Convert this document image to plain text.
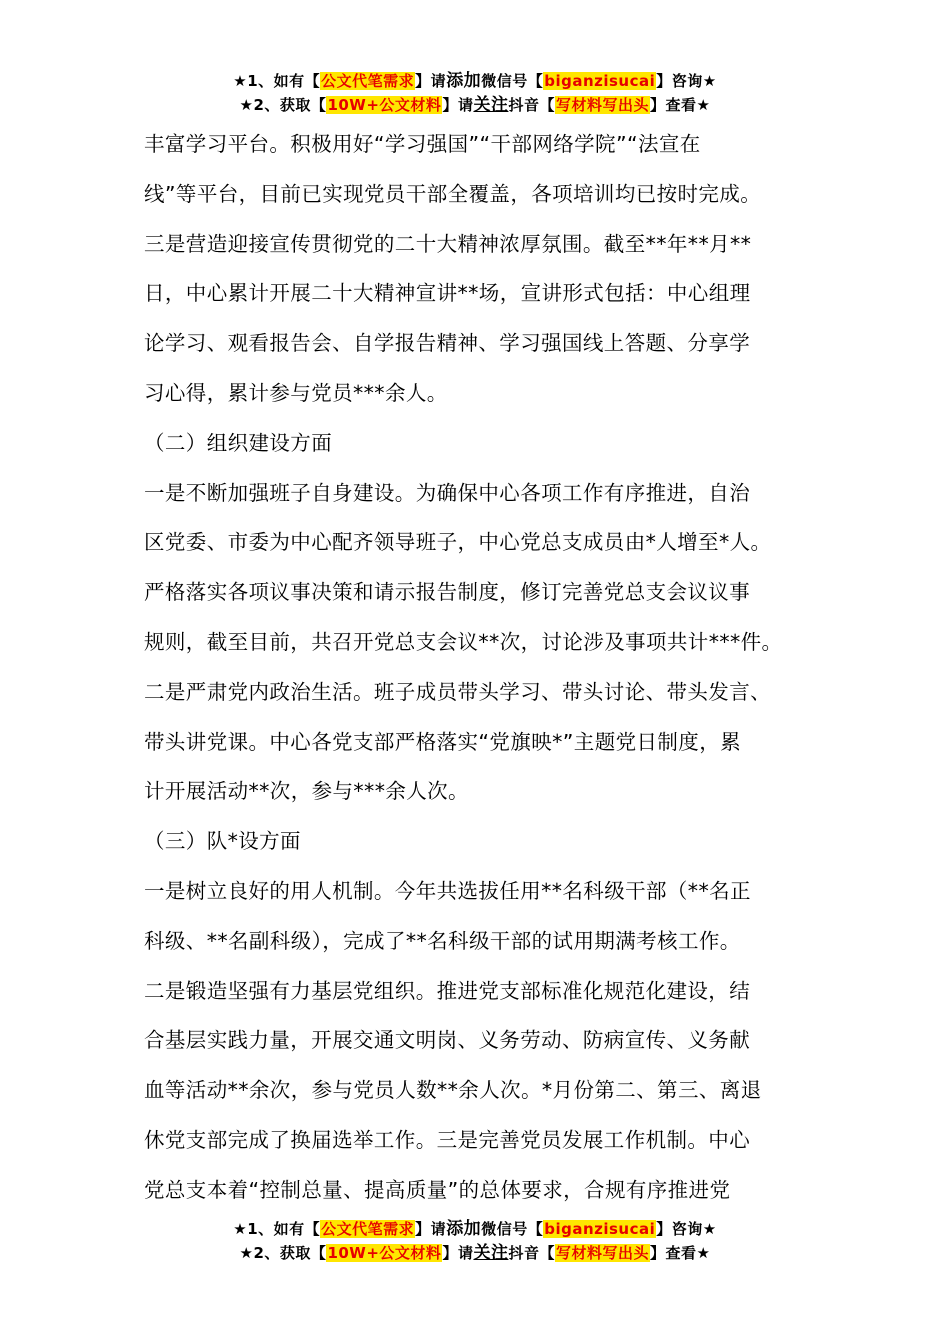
★1、如有【公文代笔需求】请添加微信号【biganzisucai】咨询★
★2、获取【10W+公文材料】请关注抖音【写材料写出头】查看★
丰富学习平台。积极用好“学习强国”“干部网络学院”“法宣在
线”等平台，目前已实现党员干部全覆盖，各项培训均已按时完成。
三是营造迎接宣传贯彻党的二十大精神浓厚氛围。截至**年**月**
日，中心累计开展二十大精神宣讲**场，宣讲形式包括：中心组理
论学习、观看报告会、自学报告精神、学习强国线上答题、分享学
习心得，累计参与党员***余人。
（二）组织建设方面
一是不断加强班子自身建设。为确保中心各项工作有序推进，自治
区党委、市委为中心配齐领导班子，中心党总支成员由*人增至*人。
严格落实各项议事决策和请示报告制度，修订完善党总支会议议事
规则，截至目前，共召开党总支会议**次，讨论涉及事项共计***件。
二是严肃党内政治生活。班子成员带头学习、带头讨论、带头发言、
带头讲党课。中心各党支部严格落实“党旗映*”主题党日制度，累
计开展活动**次，参与***余人次。
（三）队*设方面
一是树立良好的用人机制。今年共选拔任用**名科级干部（**名正
科级、**名副科级），完成了**名科级干部的试用期满考核工作。
二是锻造坚强有力基层党组织。推进党支部标准化规范化建设，结
合基层实践力量，开展交通文明岗、义务劳动、防病宣传、义务献
血等活动**余次，参与党员人数**余人次。*月份第二、第三、离退
休党支部完成了换届选举工作。三是完善党员发展工作机制。中心
党总支本着“控制总量、提高质量”的总体要求，合规有序推进党
★1、如有【公文代笔需求】请添加微信号【biganzisucai】咨询★
★2、获取【10W+公文材料】请关注抖音【写材料写出头】查看★
